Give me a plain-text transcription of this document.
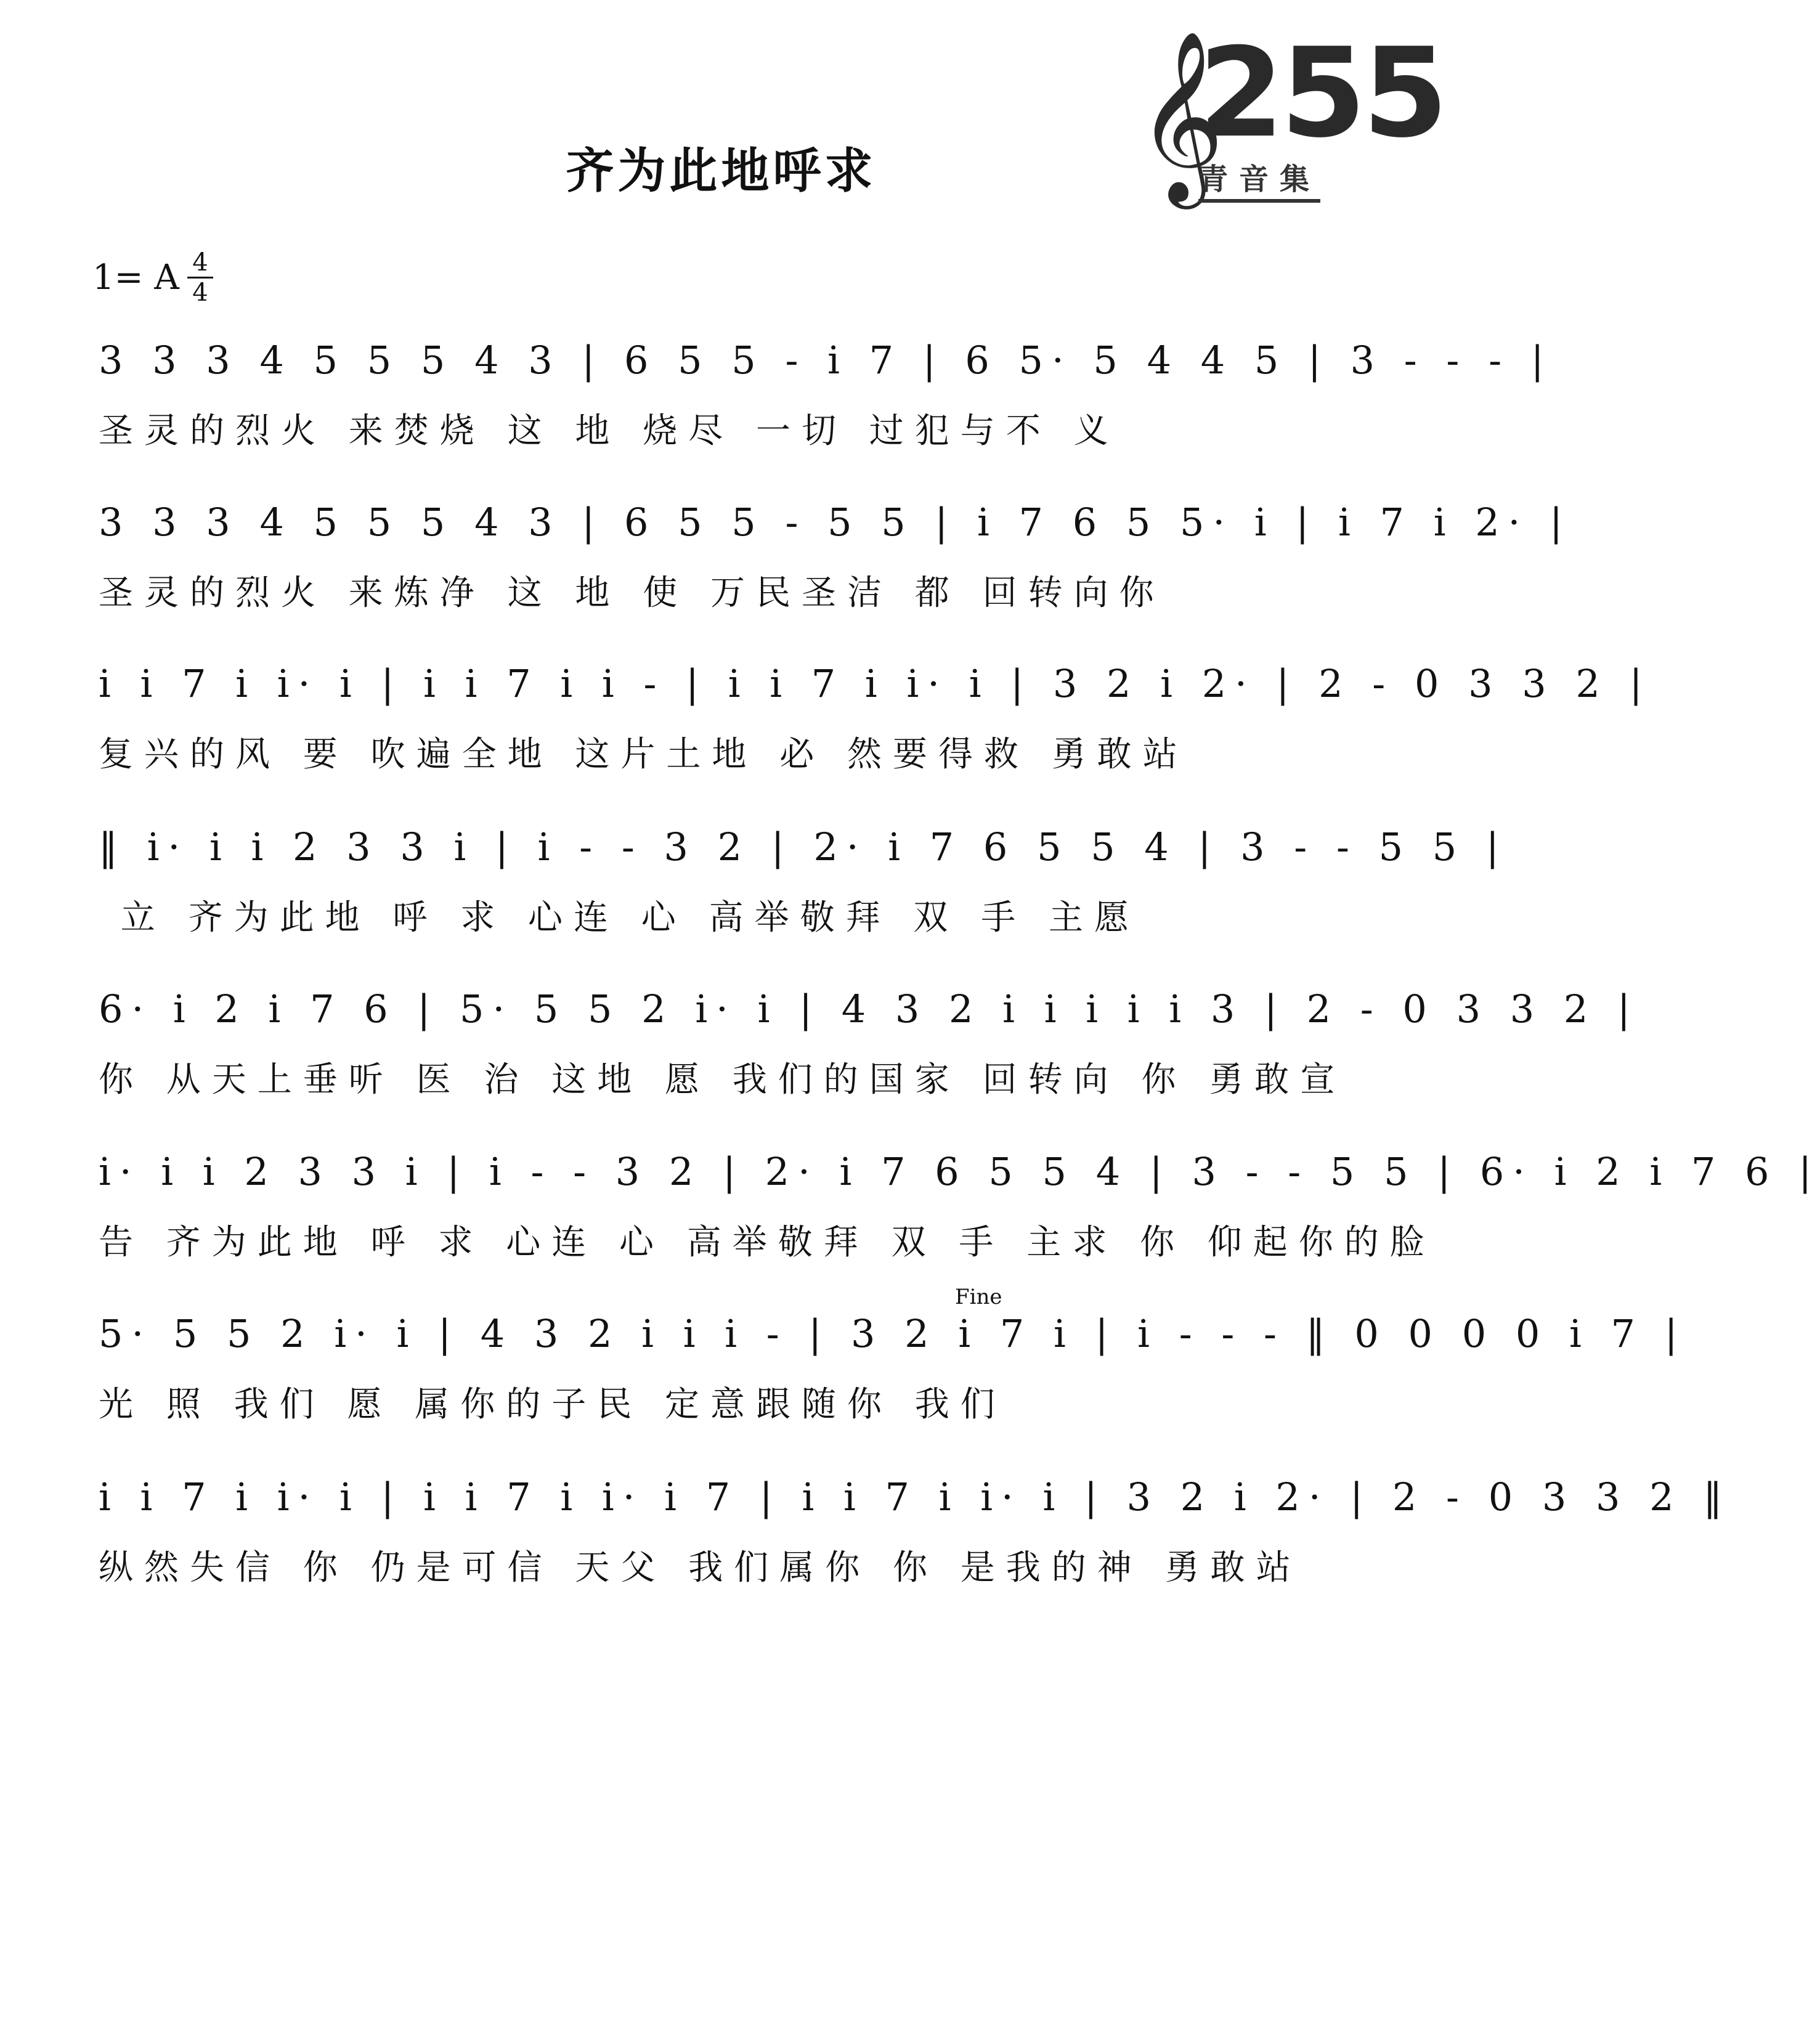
齐为此地呼求	𝄞
255
青音集
1= A 4
4
3 3 3 4 5 5 5 4 3 | 6 5 5 - i 7 | 6 5· 5 4 4 5 | 3 - - - |
圣灵的烈火 来焚烧 这 地 烧尽 一切 过犯与不 义
3 3 3 4 5 5 5 4 3 | 6 5 5 - 5 5 | i 7 6 5 5· i | i 7 i 2· |
圣灵的烈火 来炼净 这 地 使 万民圣洁 都 回转向你
i i 7 i i· i | i i 7 i i - | i i 7 i i· i | 3 2 i 2· | 2 - 0 3 3 2 |
复兴的风 要 吹遍全地 这片土地 必 然要得救 勇敢站
‖ i· i i 2 3 3 i | i - - 3 2 | 2· i 7 6 5 5 4 | 3 - - 5 5 |
立 齐为此地 呼 求 心连 心 高举敬拜 双 手 主愿
6· i 2 i 7 6 | 5· 5 5 2 i· i | 4 3 2 i i i i i 3 | 2 - 0 3 3 2 |
你 从天上垂听 医 治 这地 愿 我们的国家 回转向 你 勇敢宣
i· i i 2 3 3 i | i - - 3 2 | 2· i 7 6 5 5 4 | 3 - - 5 5 | 6· i 2 i 7 6 |
告 齐为此地 呼 求 心连 心 高举敬拜 双 手 主求 你 仰起你的脸
5· 5 5 2 i· i | 4 3 2 i i i - | 3 2 i 7 i | i - - - ‖ 0 0 0 0 i 7 |
光 照 我们 愿 属你的子民 定意跟随你 我们
Fine
i i 7 i i· i | i i 7 i i· i 7 | i i 7 i i· i | 3 2 i 2· | 2 - 0 3 3 2 ‖
纵然失信 你 仍是可信 天父 我们属你 你 是我的神 勇敢站
